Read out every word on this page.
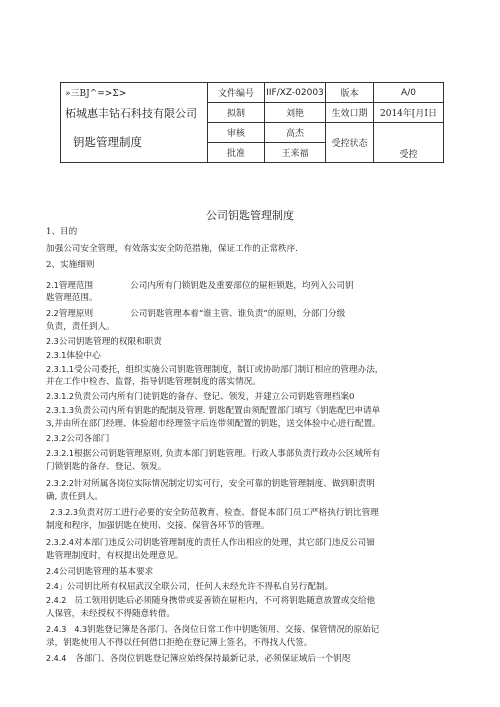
»三BJ^=>Σ>	文件编号	IIF/XZ-02003	版本	A/0
柘城惠丰钻石科技有限公司	拟制	刘艳	生效口期	2014年[月I日
钥匙管理制度	审核	高杰	受控状态	受控
	批准	王来福		
公司钥匙管理制度
1、目的
加强公司安全管理，有效落实安全防范措施，保证工作的正常秩序.
2、实施细则
2.1管理范围	公司内所有门锁钥匙及重要部位的屉柜锁匙，均列入公司钥
匙管理范围。
2.2管理原则	公司钥匙管理本着“谁主管、谁负责”的原则，分部门分级
负责，责任到人。
2.3公司钥匙管理的权限和职责
2.3.1体验中心
2.3.1.1受公司委托，组织实施公司钥匙管理制度，制订或协助部门制订相应的管理办法，
并在工作中检杏、监督，指导钥匙管理制度的落实情况。
2.3.1.2负责公司内所有门徒钥匙的备存、登记、领发，并建立公司钥匙管理档案0
2.3.1.3负责公司内所有钥匙的配制及管理. 钥匙配置由须配置部门填写《钥匙配巴申请单
3,并由所在部门经理、体验超市经理签字后连带须配置的钥匙，送交体验中心进行配置。
2.3.2公司各部门
2.3.2.1根据公司钥匙管理原则, 负责本部门钥匙管理。行政人事部负责行政办公区域所有
门锁钥匙的备存、登记、领发。
2.3.2.2针对所属各岗位实际情况制定切实可行，安全可靠的钥匙管理制度、做到职责明
确, 责任到人。
2.3.2.3负责对厉工进行必要的安全防范教育、检查、督促本部门员工严格执行钥比管理
制度和程序，加强钥匙在使用、交接、保管各环节的管理。
2.3.2.4对本部门违反公司钥匙管理制度的责任人作出相应的处理，其它部门违反公司钿
匙管理制度时，有权提出处理意见。
2.4公司钥匙管理的基本要求
2.4」公司钥比所有权屈武汉全联公司，任何人未经允许不得私自另行配制。
2.4.2 员工领用钥匙后必须随身携带或妥善锁在屉柜内，不可将钥匙随意放置或交给他
人保管，未经授权不得随意转借。
2.4.3 4.3钥匙登记簿是各部门、各岗位日常工作中钥匙领用、交接、保管情况的原始记
录，钥匙使用人不得以任何借口拒绝在登记簿上签名，不得找人代签。
2.4.4 各部门、各岗位钥匙登记簿应始终保持最新记录，必须保证域后一个钥咫
